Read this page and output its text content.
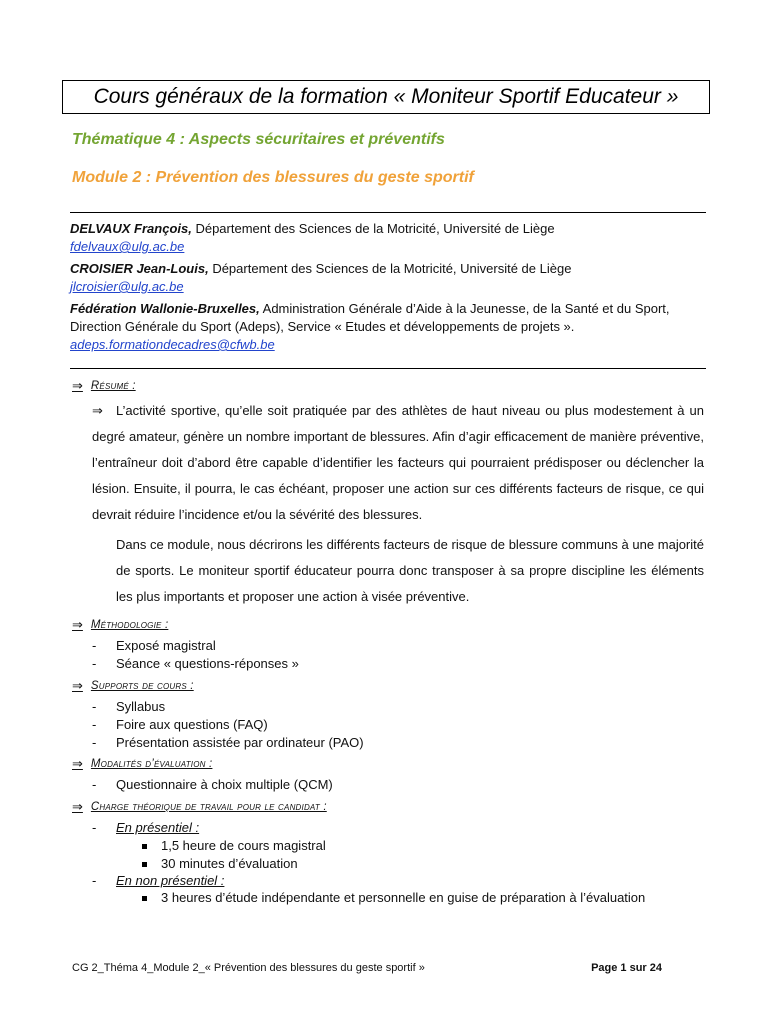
Cours généraux de la formation « Moniteur Sportif Educateur »
Thématique 4 : Aspects sécuritaires et préventifs
Module 2 : Prévention des blessures du geste sportif
DELVAUX François, Département des Sciences de la Motricité, Université de Liège
fdelvaux@ulg.ac.be
CROISIER Jean-Louis, Département des Sciences de la Motricité, Université de Liège
jlcroisier@ulg.ac.be
Fédération Wallonie-Bruxelles, Administration Générale d’Aide à la Jeunesse, de la Santé et du Sport, Direction Générale du Sport (Adeps), Service « Etudes et développements de projets ».
adeps.formationdecadres@cfwb.be
⇒ Résumé :
⇒ L’activité sportive, qu’elle soit pratiquée par des athlètes de haut niveau ou plus modestement à un degré amateur, génère un nombre important de blessures. Afin d’agir efficacement de manière préventive, l’entraîneur doit d’abord être capable d’identifier les facteurs qui pourraient prédisposer ou déclencher la lésion. Ensuite, il pourra, le cas échéant, proposer une action sur ces différents facteurs de risque, ce qui devrait réduire l’incidence et/ou la sévérité des blessures.
Dans ce module, nous décrirons les différents facteurs de risque de blessure communs à une majorité de sports. Le moniteur sportif éducateur pourra donc transposer à sa propre discipline les éléments les plus importants et proposer une action à visée préventive.
⇒ Méthodologie :
-	Exposé magistral
-	Séance « questions-réponses »
⇒ Supports de cours :
-	Syllabus
-	Foire aux questions (FAQ)
-	Présentation assistée par ordinateur (PAO)
⇒ Modalités d’évaluation :
-	Questionnaire à choix multiple (QCM)
⇒ Charge théorique de travail pour le candidat :
-	En présentiel :
1,5 heure de cours magistral
30 minutes d’évaluation
-	En non présentiel :
3 heures d’étude indépendante et personnelle en guise de préparation à l’évaluation
CG 2_Théma 4_Module 2_« Prévention des blessures du geste sportif »	Page 1 sur 24
